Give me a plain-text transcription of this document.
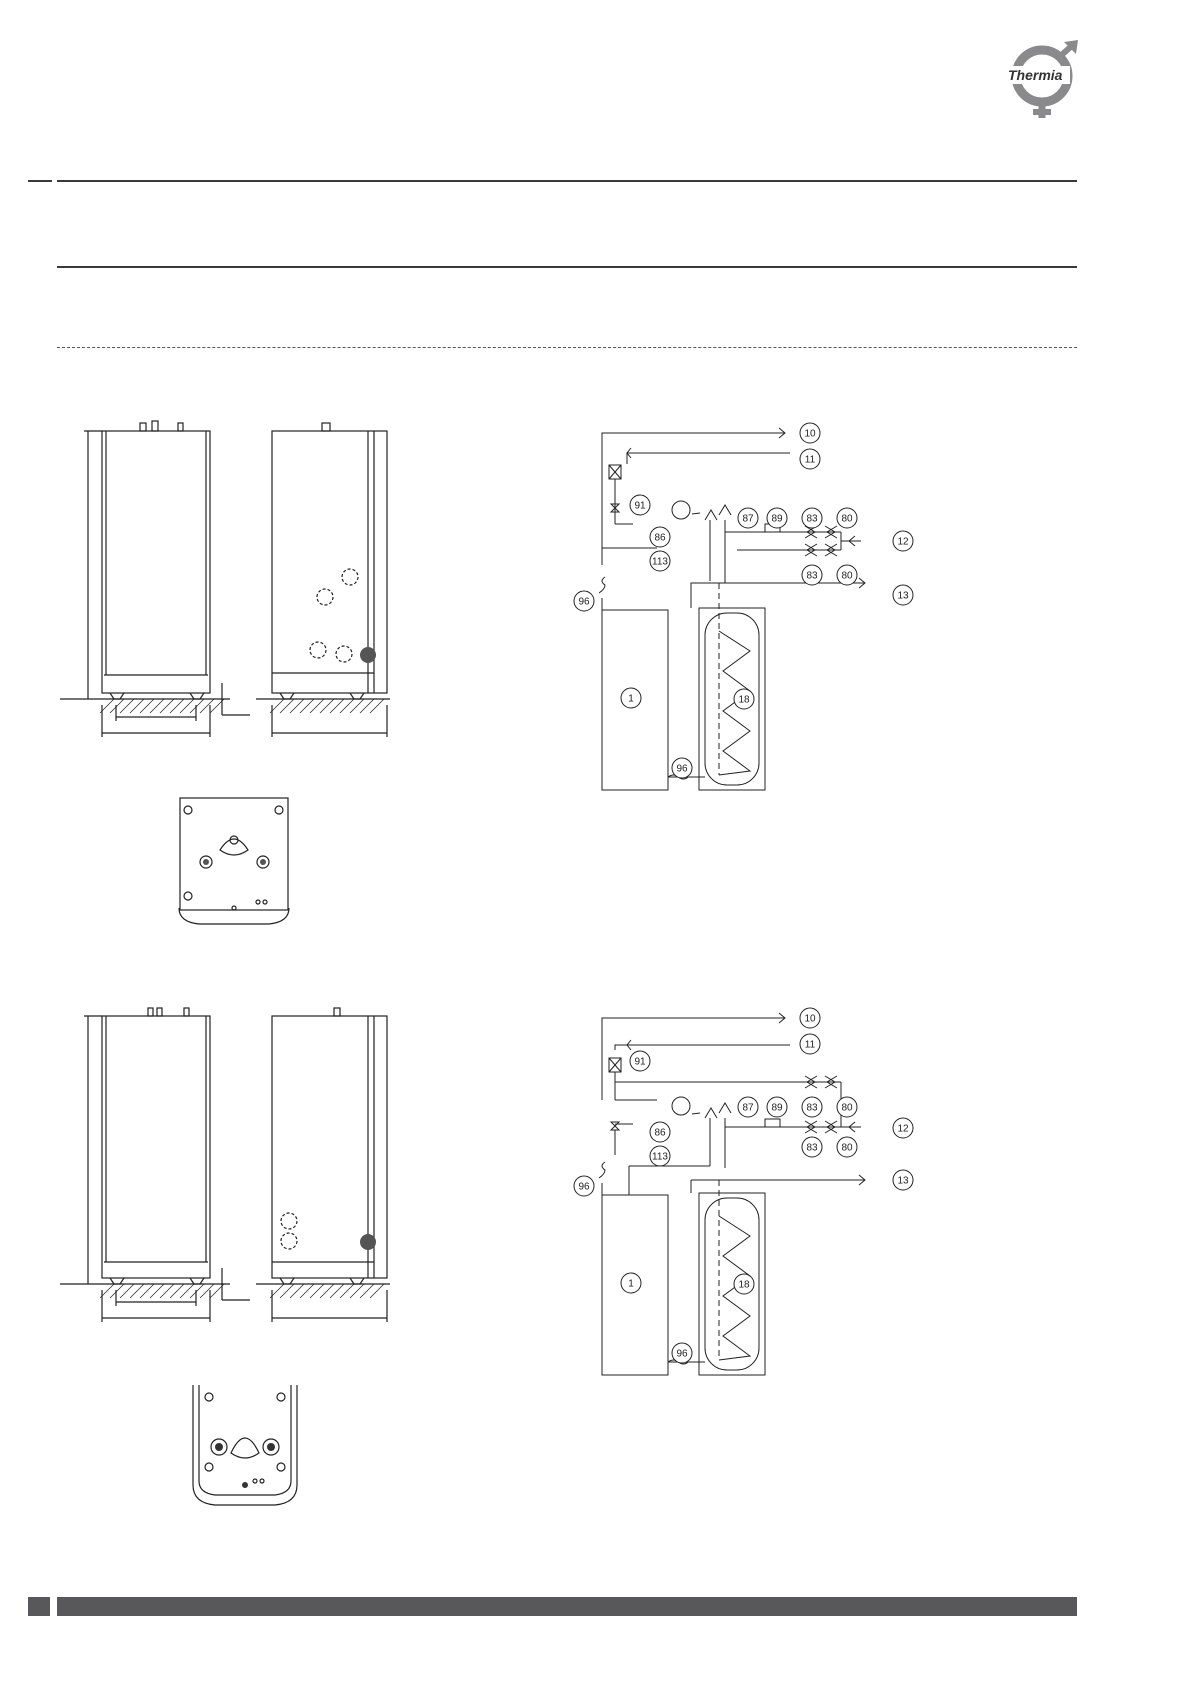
Thermia
10
11
91
87 89 83 80
86	12
113
83 80
96
13
1	18
96
10
11
91
83 80
87 89
86	12
113
83 80
96
13
1	18
96
